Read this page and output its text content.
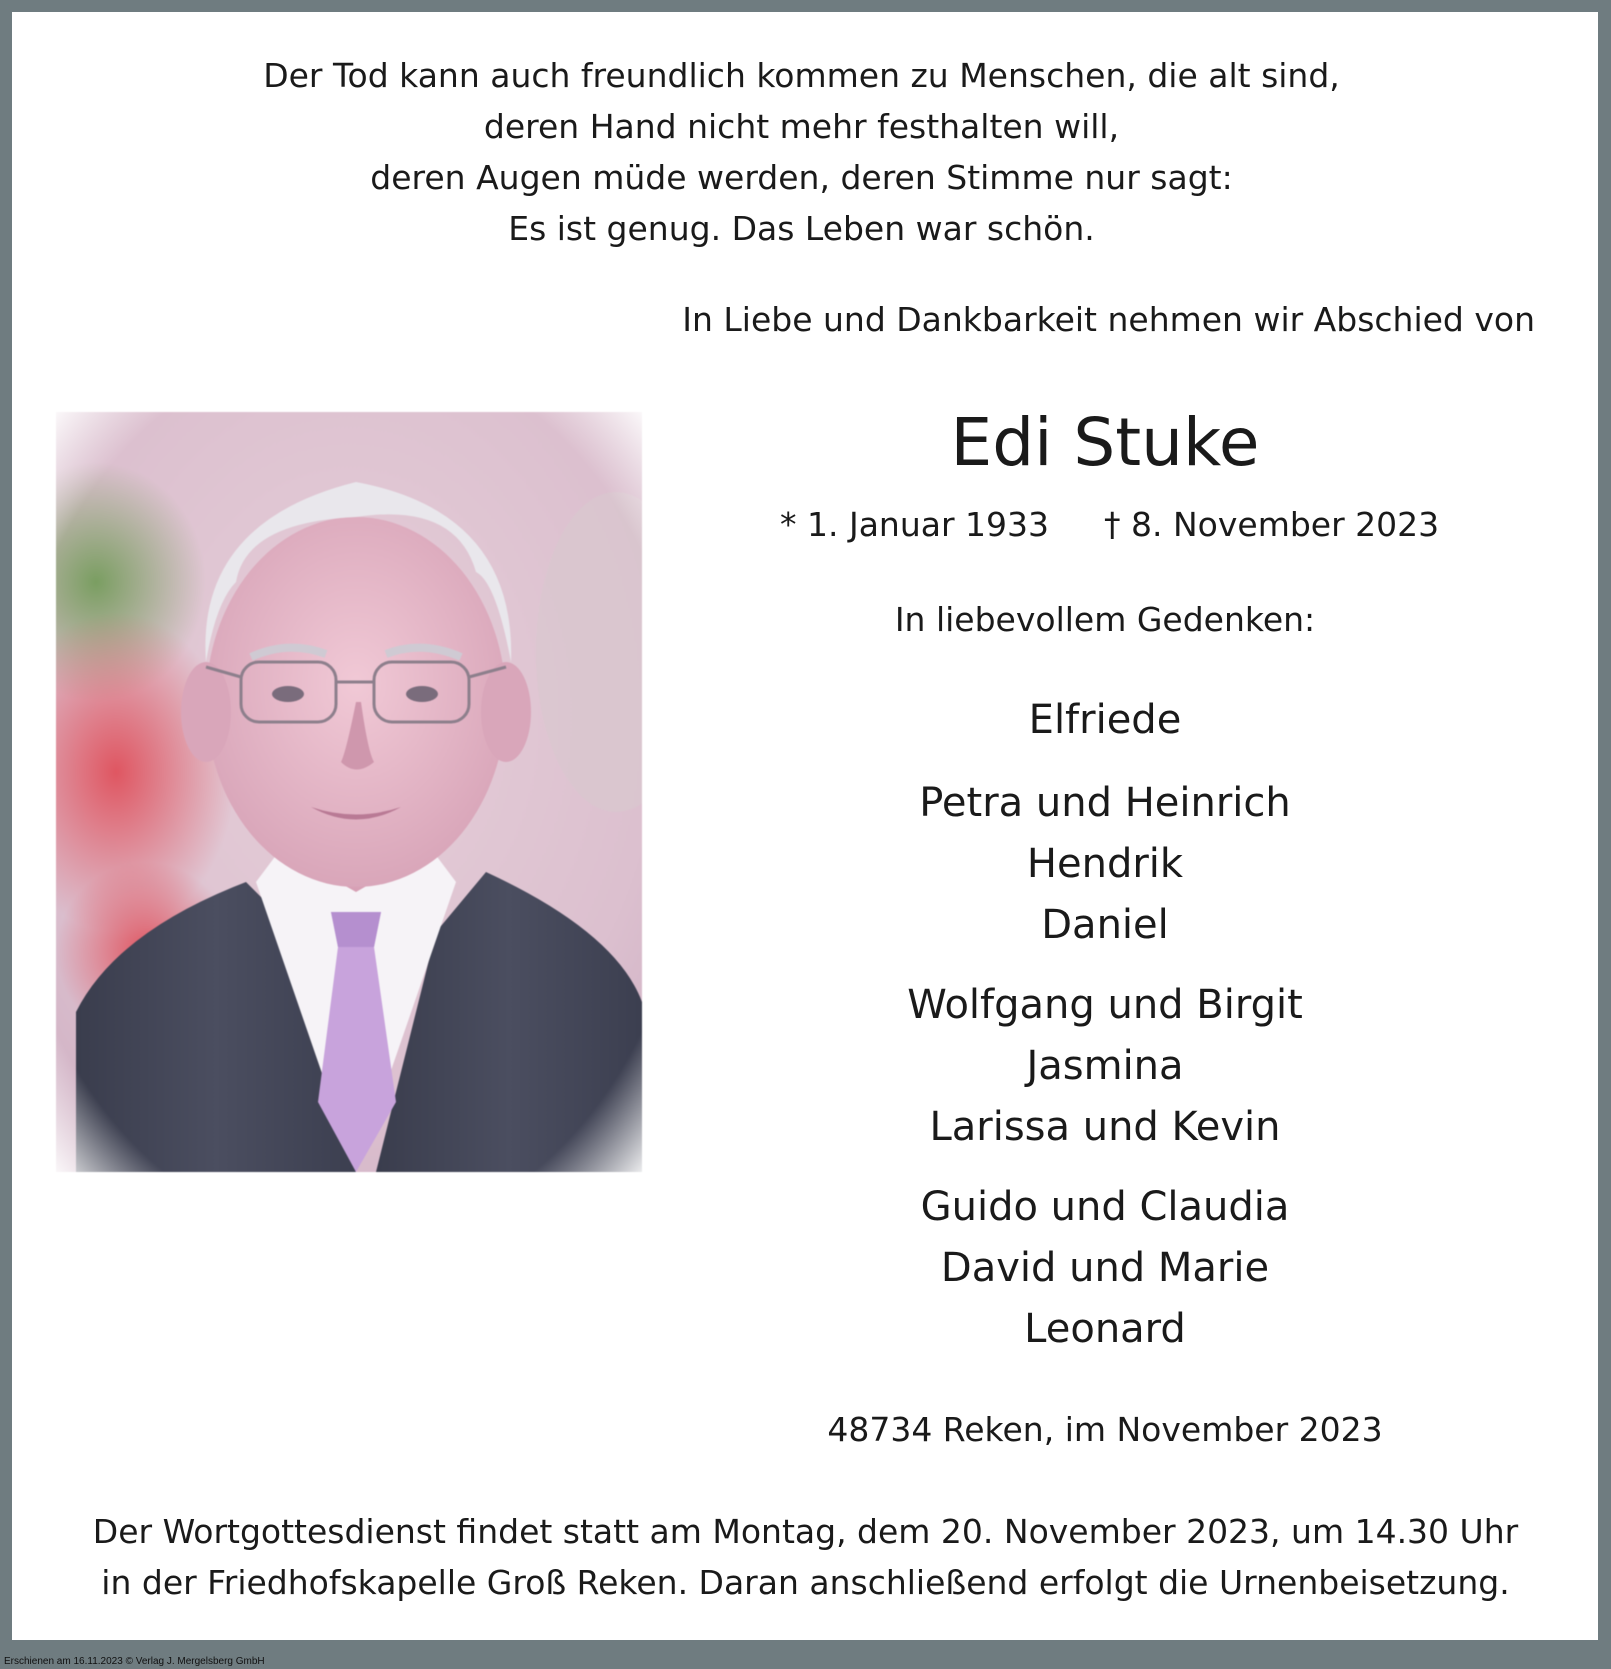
Der Tod kann auch freundlich kommen zu Menschen, die alt sind,
deren Hand nicht mehr festhalten will,
deren Augen müde werden, deren Stimme nur sagt:
Es ist genug. Das Leben war schön.
In Liebe und Dankbarkeit nehmen wir Abschied von
Edi Stuke
* 1. Januar 1933 † 8. November 2023
In liebevollem Gedenken:
Elfriede
Petra und Heinrich
Hendrik
Daniel
Wolfgang und Birgit
Jasmina
Larissa und Kevin
Guido und Claudia
David und Marie
Leonard
48734 Reken, im November 2023
Der Wortgottesdienst findet statt am Montag, dem 20. November 2023, um 14.30 Uhr
in der Friedhofskapelle Groß Reken. Daran anschließend erfolgt die Urnenbeisetzung.
Erschienen am 16.11.2023 © Verlag J. Mergelsberg GmbH
